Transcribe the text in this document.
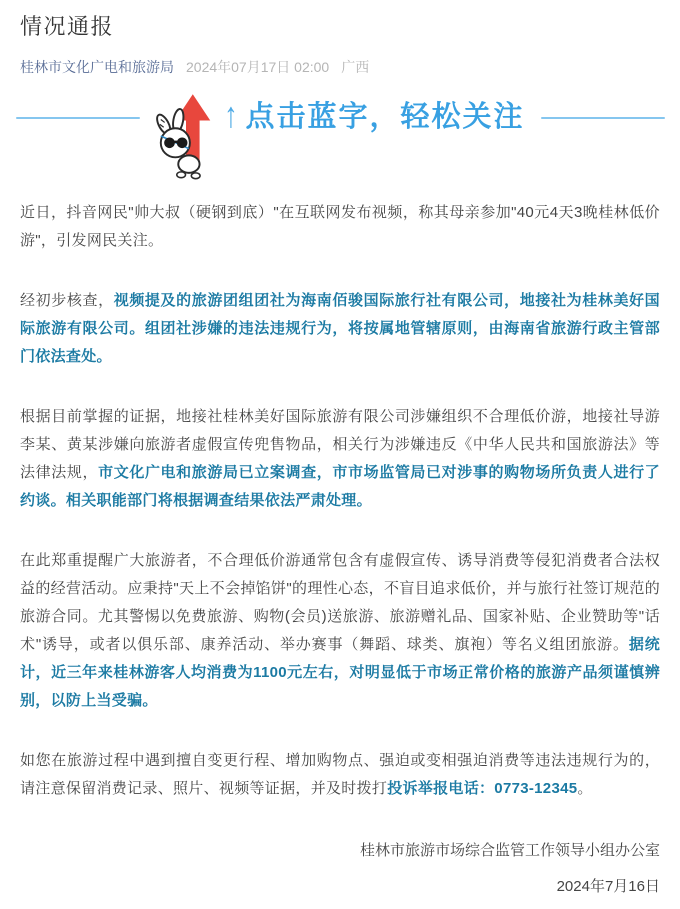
情况通报
桂林市文化广电和旅游局 2024年07月17日 02:00 广西
↑ 点击蓝字，轻松关注

近日，抖音网民"帅大叔（硬钢到底）"在互联网发布视频，称其母亲参加"40元4天3晚桂林低价游"，引发网民关注。

经初步核查，视频提及的旅游团组团社为海南佰骏国际旅行社有限公司，地接社为桂林美好国际旅游有限公司。组团社涉嫌的违法违规行为，将按属地管辖原则，由海南省旅游行政主管部门依法查处。

根据目前掌握的证据，地接社桂林美好国际旅游有限公司涉嫌组织不合理低价游，地接社导游李某、黄某涉嫌向旅游者虚假宣传兜售物品，相关行为涉嫌违反《中华人民共和国旅游法》等法律法规，市文化广电和旅游局已立案调查，市市场监管局已对涉事的购物场所负责人进行了约谈。相关职能部门将根据调查结果依法严肃处理。

在此郑重提醒广大旅游者，不合理低价游通常包含有虚假宣传、诱导消费等侵犯消费者合法权益的经营活动。应秉持"天上不会掉馅饼"的理性心态，不盲目追求低价，并与旅行社签订规范的旅游合同。尤其警惕以免费旅游、购物(会员)送旅游、旅游赠礼品、国家补贴、企业赞助等"话术"诱导，或者以俱乐部、康养活动、举办赛事（舞蹈、球类、旗袍）等名义组团旅游。据统计，近三年来桂林游客人均消费为1100元左右，对明显低于市场正常价格的旅游产品须谨慎辨别，以防上当受骗。

如您在旅游过程中遇到擅自变更行程、增加购物点、强迫或变相强迫消费等违法违规行为的，请注意保留消费记录、照片、视频等证据，并及时拨打投诉举报电话：0773-12345。

桂林市旅游市场综合监管工作领导小组办公室
2024年7月16日
